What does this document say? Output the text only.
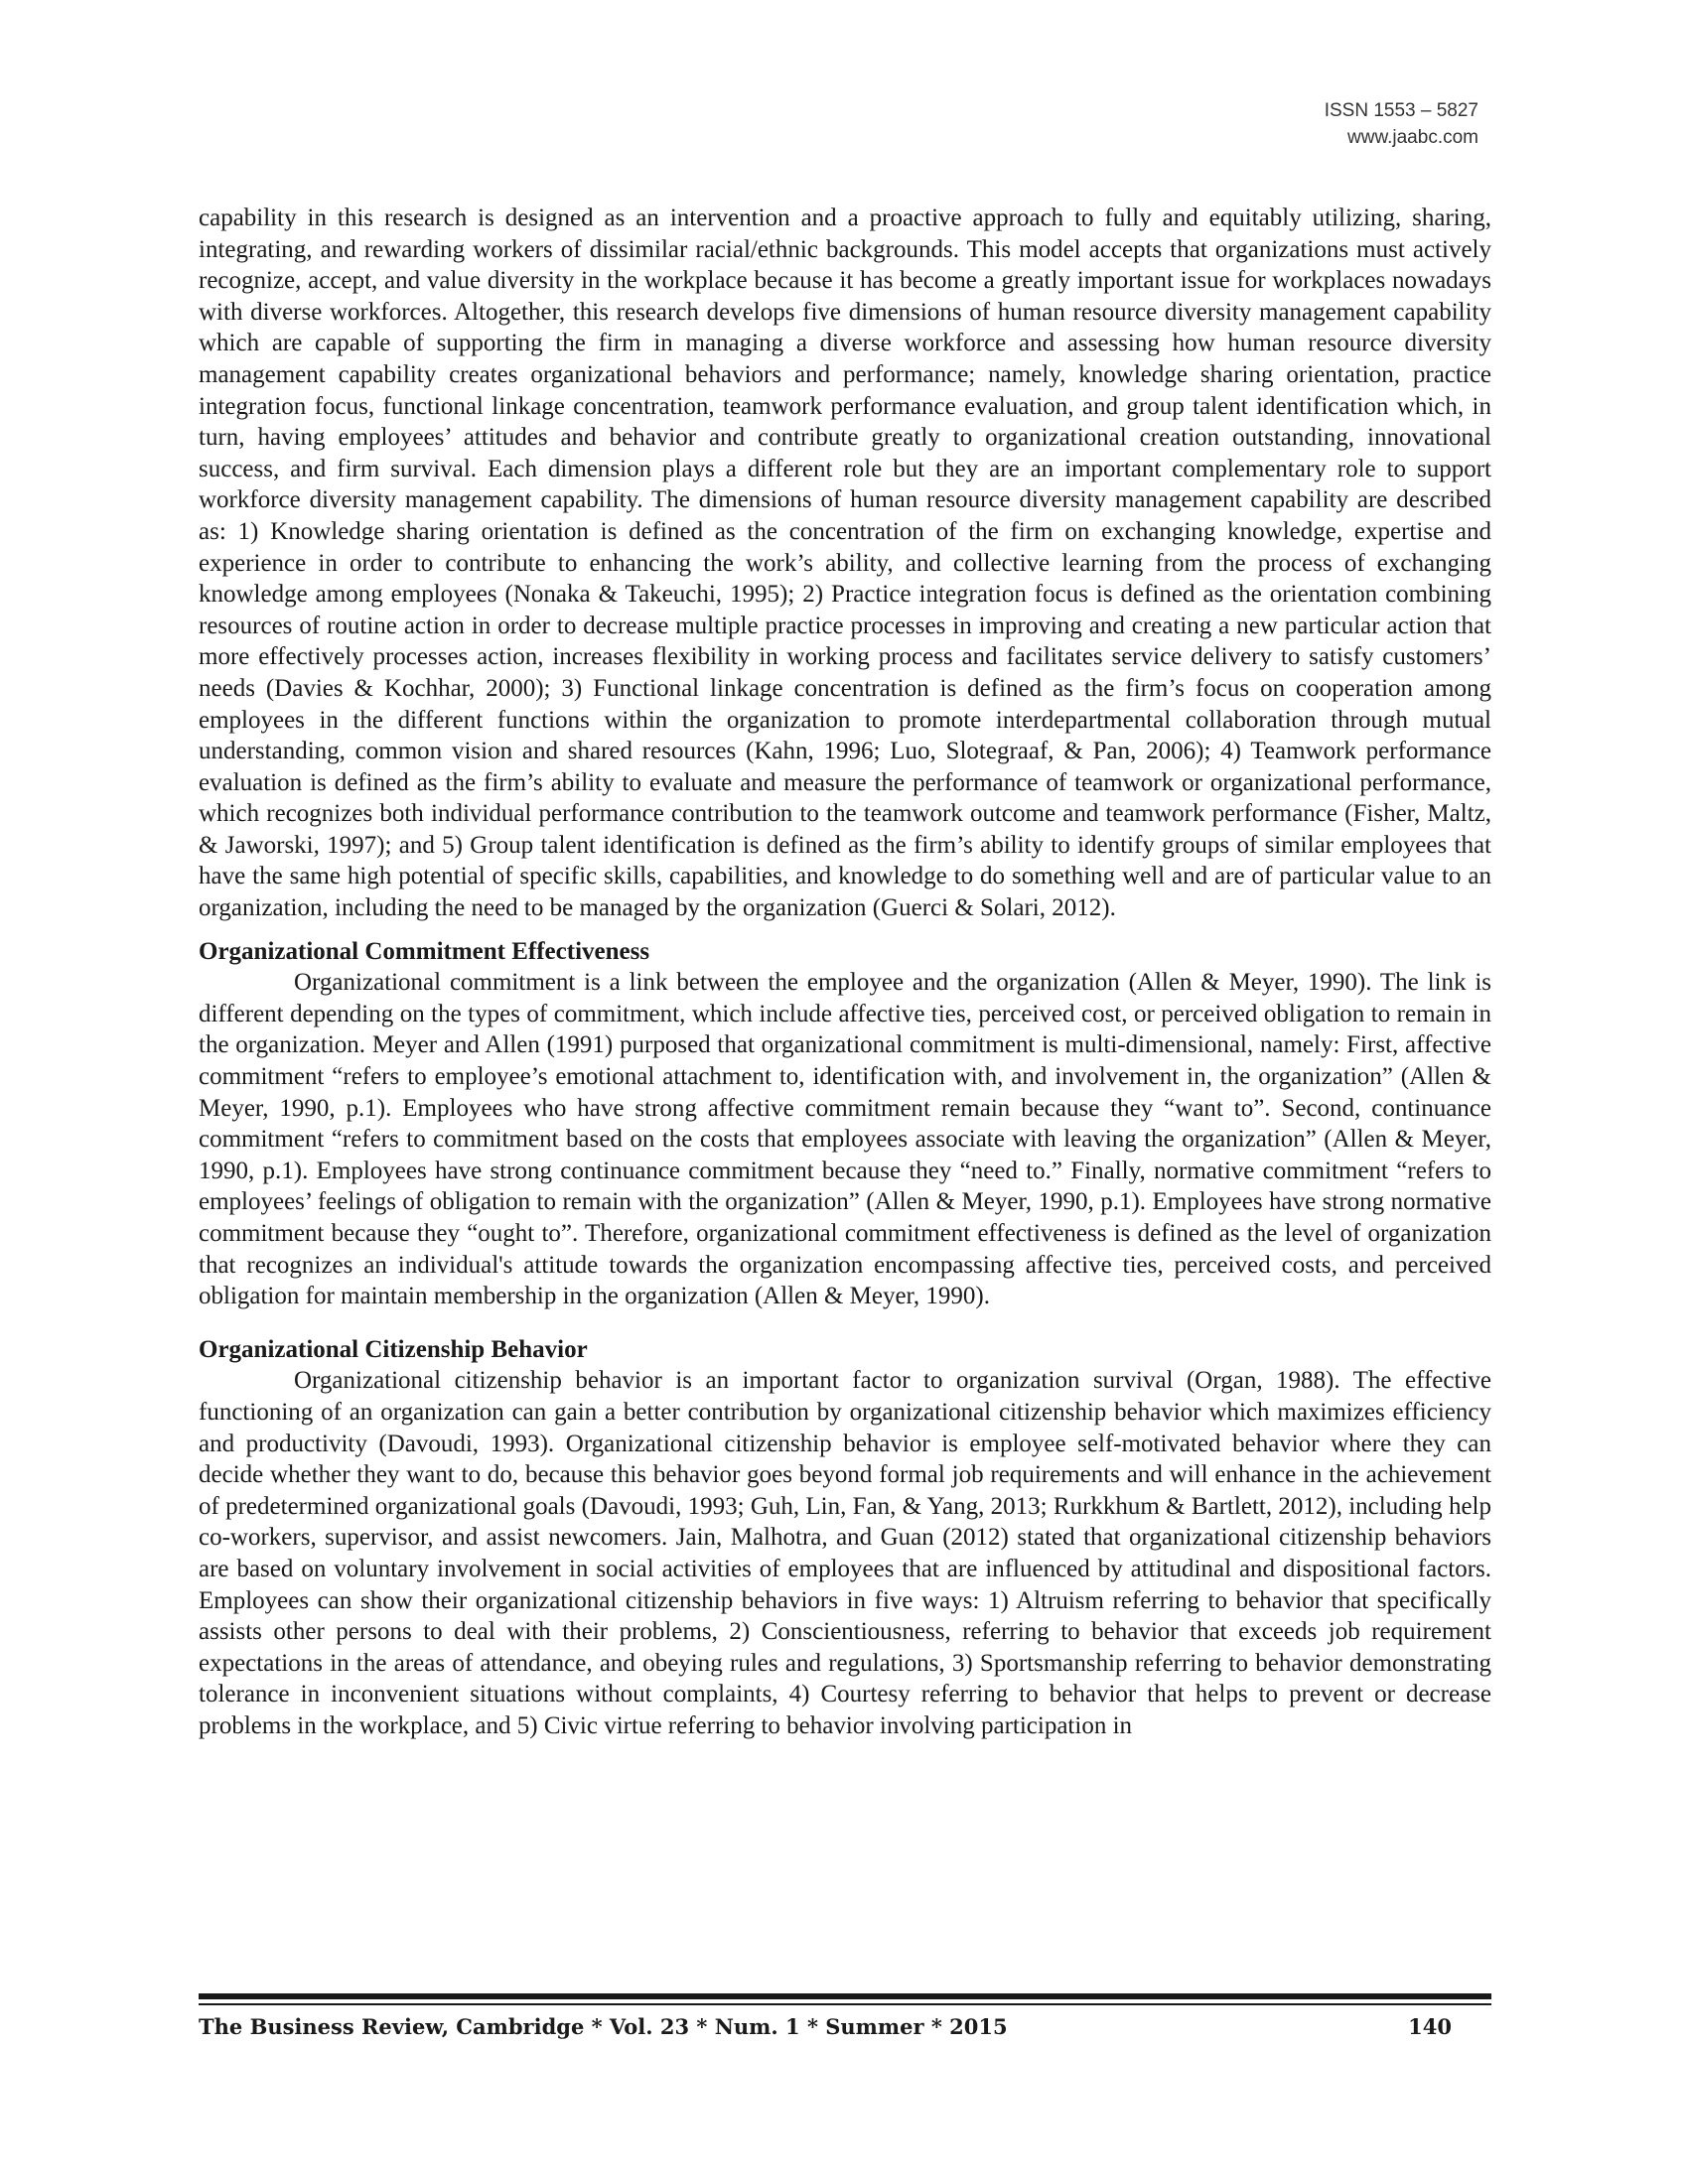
ISSN 1553 – 5827
www.jaabc.com

capability in this research is designed as an intervention and a proactive approach to fully and equitably utilizing, sharing, integrating, and rewarding workers of dissimilar racial/ethnic backgrounds. This model accepts that organizations must actively recognize, accept, and value diversity in the workplace because it has become a greatly important issue for workplaces nowadays with diverse workforces. Altogether, this research develops five dimensions of human resource diversity management capability which are capable of supporting the firm in managing a diverse workforce and assessing how human resource diversity management capability creates organizational behaviors and performance; namely, knowledge sharing orientation, practice integration focus, functional linkage concentration, teamwork performance evaluation, and group talent identification which, in turn, having employees’ attitudes and behavior and contribute greatly to organizational creation outstanding, innovational success, and firm survival. Each dimension plays a different role but they are an important complementary role to support workforce diversity management capability. The dimensions of human resource diversity management capability are described as: 1) Knowledge sharing orientation is defined as the concentration of the firm on exchanging knowledge, expertise and experience in order to contribute to enhancing the work’s ability, and collective learning from the process of exchanging knowledge among employees (Nonaka & Takeuchi, 1995); 2) Practice integration focus is defined as the orientation combining resources of routine action in order to decrease multiple practice processes in improving and creating a new particular action that more effectively processes action, increases flexibility in working process and facilitates service delivery to satisfy customers’ needs (Davies & Kochhar, 2000); 3) Functional linkage concentration is defined as the firm’s focus on cooperation among employees in the different functions within the organization to promote interdepartmental collaboration through mutual understanding, common vision and shared resources (Kahn, 1996; Luo, Slotegraaf, & Pan, 2006); 4) Teamwork performance evaluation is defined as the firm’s ability to evaluate and measure the performance of teamwork or organizational performance, which recognizes both individual performance contribution to the teamwork outcome and teamwork performance (Fisher, Maltz, & Jaworski, 1997); and 5) Group talent identification is defined as the firm’s ability to identify groups of similar employees that have the same high potential of specific skills, capabilities, and knowledge to do something well and are of particular value to an organization, including the need to be managed by the organization (Guerci & Solari, 2012).

Organizational Commitment Effectiveness

Organizational commitment is a link between the employee and the organization (Allen & Meyer, 1990). The link is different depending on the types of commitment, which include affective ties, perceived cost, or perceived obligation to remain in the organization. Meyer and Allen (1991) purposed that organizational commitment is multi-dimensional, namely: First, affective commitment “refers to employee’s emotional attachment to, identification with, and involvement in, the organization” (Allen & Meyer, 1990, p.1). Employees who have strong affective commitment remain because they “want to”. Second, continuance commitment “refers to commitment based on the costs that employees associate with leaving the organization” (Allen & Meyer, 1990, p.1). Employees have strong continuance commitment because they “need to.” Finally, normative commitment “refers to employees’ feelings of obligation to remain with the organization” (Allen & Meyer, 1990, p.1). Employees have strong normative commitment because they “ought to”. Therefore, organizational commitment effectiveness is defined as the level of organization that recognizes an individual's attitude towards the organization encompassing affective ties, perceived costs, and perceived obligation for maintain membership in the organization (Allen & Meyer, 1990).

Organizational Citizenship Behavior

Organizational citizenship behavior is an important factor to organization survival (Organ, 1988). The effective functioning of an organization can gain a better contribution by organizational citizenship behavior which maximizes efficiency and productivity (Davoudi, 1993). Organizational citizenship behavior is employee self-motivated behavior where they can decide whether they want to do, because this behavior goes beyond formal job requirements and will enhance in the achievement of predetermined organizational goals (Davoudi, 1993; Guh, Lin, Fan, & Yang, 2013; Rurkkhum & Bartlett, 2012), including help co-workers, supervisor, and assist newcomers. Jain, Malhotra, and Guan (2012) stated that organizational citizenship behaviors are based on voluntary involvement in social activities of employees that are influenced by attitudinal and dispositional factors. Employees can show their organizational citizenship behaviors in five ways: 1) Altruism referring to behavior that specifically assists other persons to deal with their problems, 2) Conscientiousness, referring to behavior that exceeds job requirement expectations in the areas of attendance, and obeying rules and regulations, 3) Sportsmanship referring to behavior demonstrating tolerance in inconvenient situations without complaints, 4) Courtesy referring to behavior that helps to prevent or decrease problems in the workplace, and 5) Civic virtue referring to behavior involving participation in

The Business Review, Cambridge * Vol. 23 * Num. 1 * Summer * 2015	140
